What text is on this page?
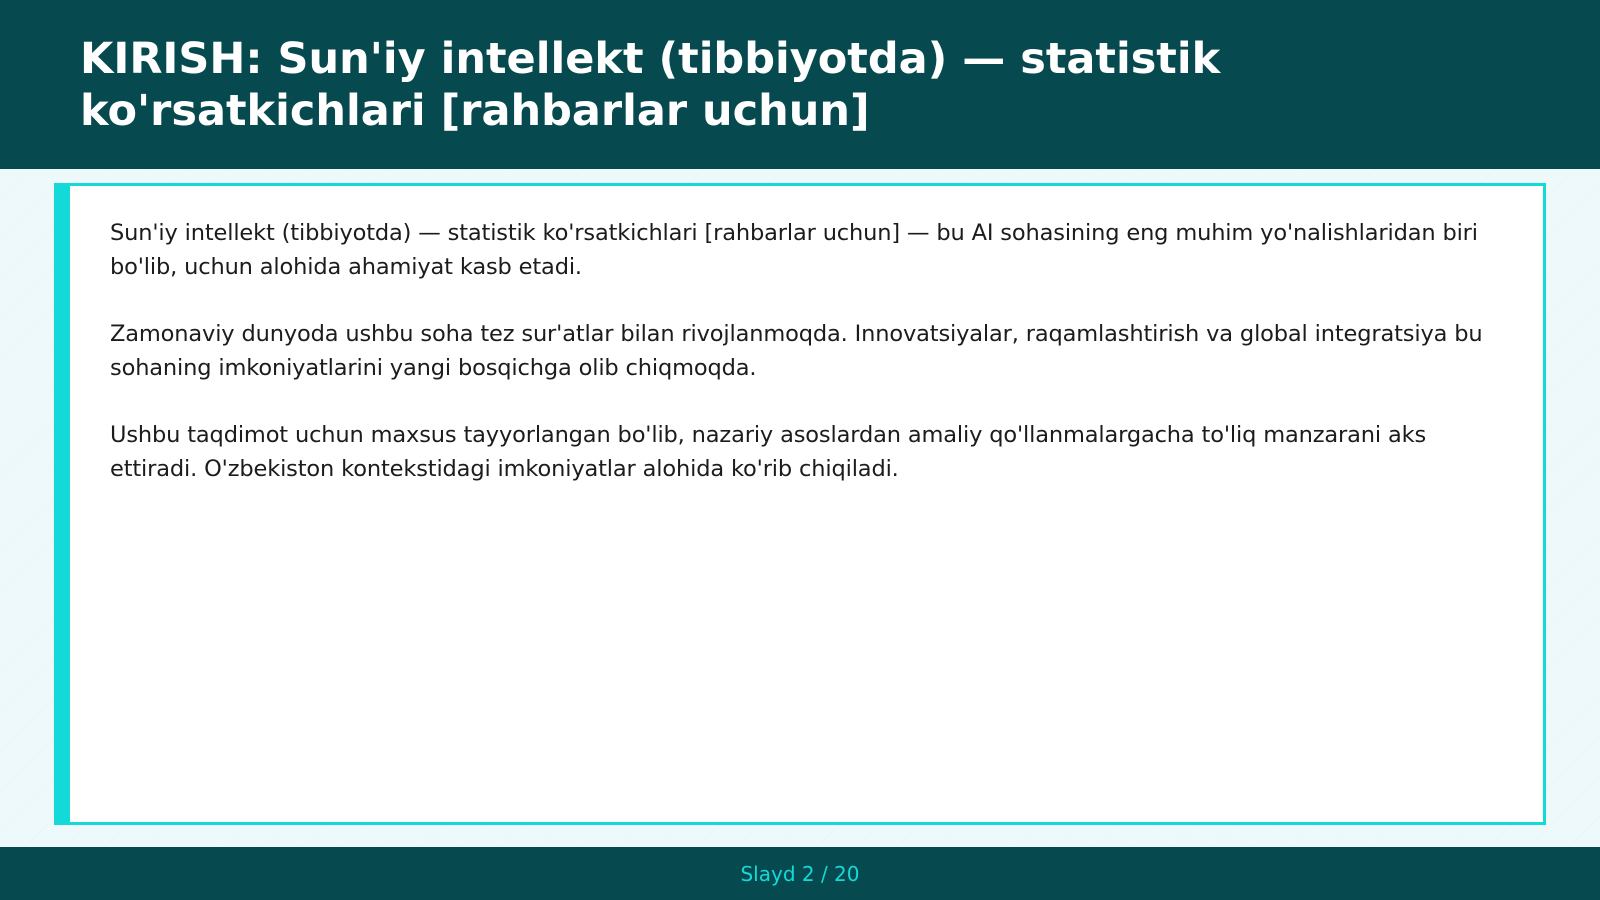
KIRISH: Sun'iy intellekt (tibbiyotda) — statistik ko'rsatkichlari [rahbarlar uchun]

Sun'iy intellekt (tibbiyotda) — statistik ko'rsatkichlari [rahbarlar uchun] — bu AI sohasining eng muhim yo'nalishlaridan biri bo'lib, uchun alohida ahamiyat kasb etadi.

Zamonaviy dunyoda ushbu soha tez sur'atlar bilan rivojlanmoqda. Innovatsiyalar, raqamlashtirish va global integratsiya bu sohaning imkoniyatlarini yangi bosqichga olib chiqmoqda.

Ushbu taqdimot uchun maxsus tayyorlangan bo'lib, nazariy asoslardan amaliy qo'llanmalargacha to'liq manzarani aks ettiradi. O'zbekiston kontekstidagi imkoniyatlar alohida ko'rib chiqiladi.

Slayd 2 / 20
